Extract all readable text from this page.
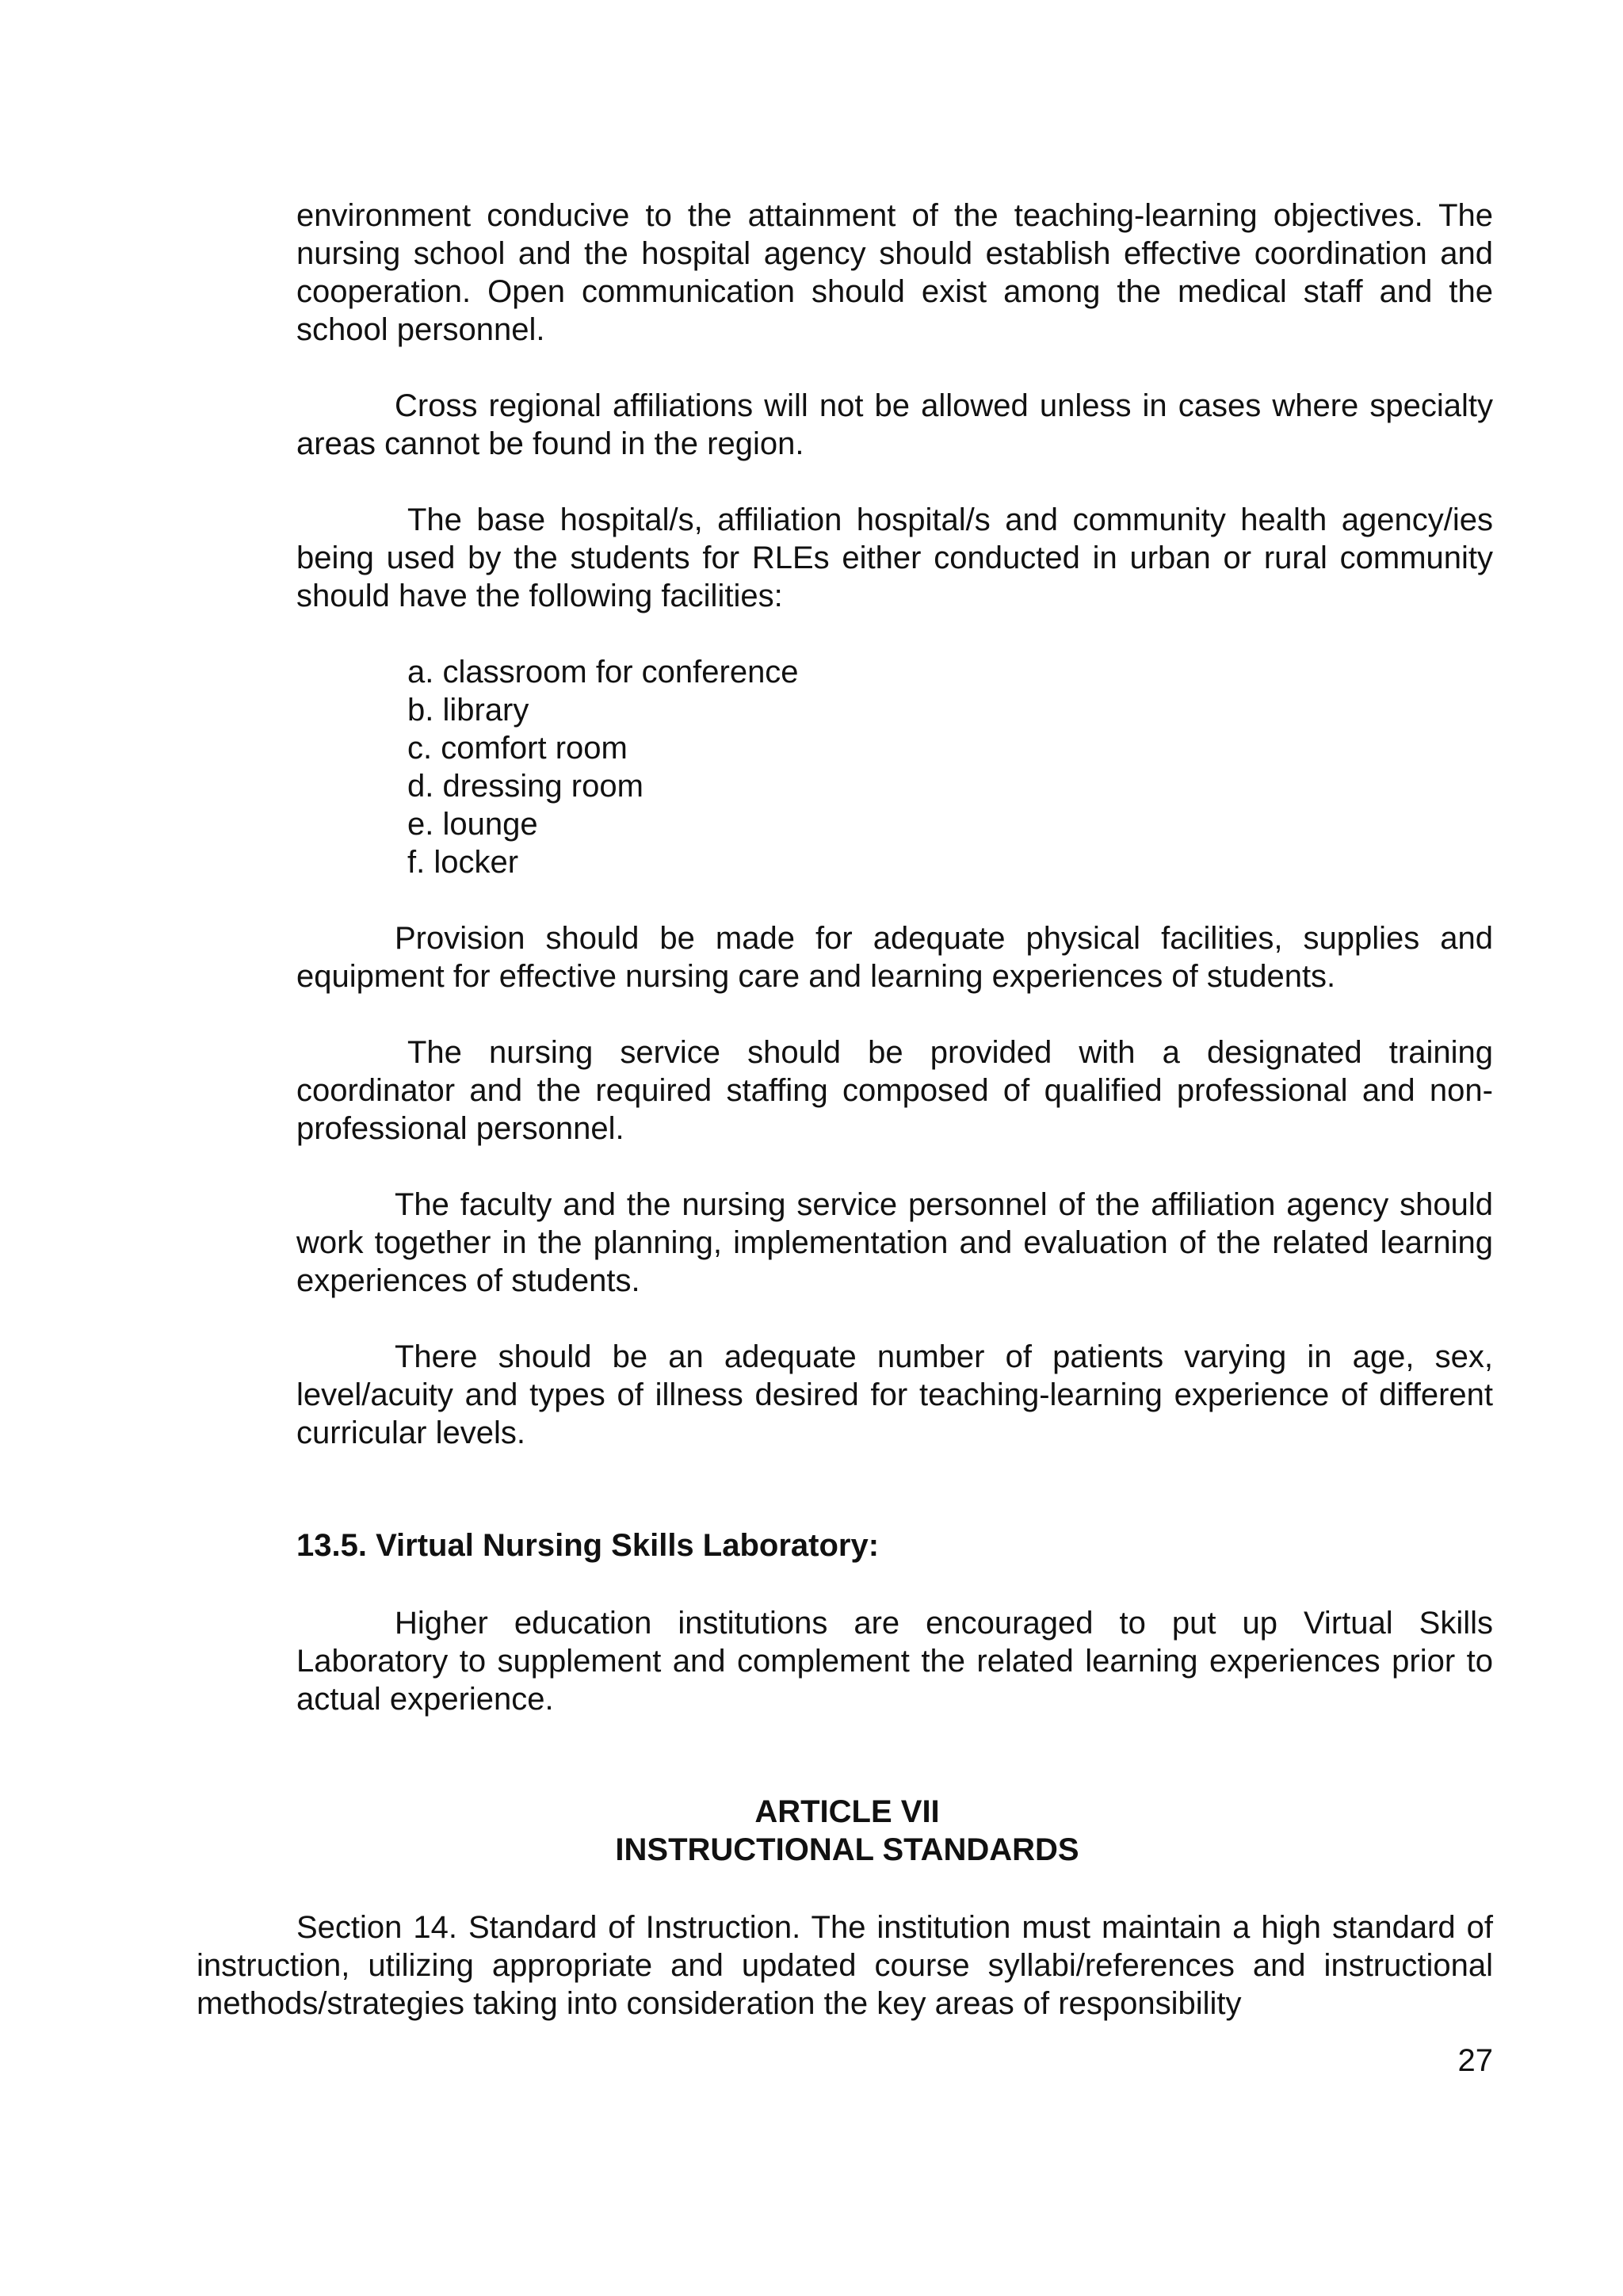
environment conducive to the attainment of the teaching-learning objectives. The nursing school and the hospital agency should establish effective coordination and cooperation. Open communication should exist among the medical staff and the school personnel.

Cross regional affiliations will not be allowed unless in cases where specialty areas cannot be found in the region.

The base hospital/s, affiliation hospital/s and community health agency/ies being used by the students for RLEs either conducted in urban or rural community should have the following facilities:

a. classroom for conference
b. library
c. comfort room
d. dressing room
e. lounge
f. locker

Provision should be made for adequate physical facilities, supplies and equipment for effective nursing care and learning experiences of students.

The nursing service should be provided with a designated training coordinator and the required staffing composed of qualified professional and non-professional personnel.

The faculty and the nursing service personnel of the affiliation agency should work together in the planning, implementation and evaluation of the related learning experiences of students.

There should be an adequate number of patients varying in age, sex, level/acuity and types of illness desired for teaching-learning experience of different curricular levels.

13.5. Virtual Nursing Skills Laboratory:

Higher education institutions are encouraged to put up Virtual Skills Laboratory to supplement and complement the related learning experiences prior to actual experience.

ARTICLE VII

INSTRUCTIONAL STANDARDS

Section 14. Standard of Instruction. The institution must maintain a high standard of instruction, utilizing appropriate and updated course syllabi/references and instructional methods/strategies taking into consideration the key areas of responsibility

27
